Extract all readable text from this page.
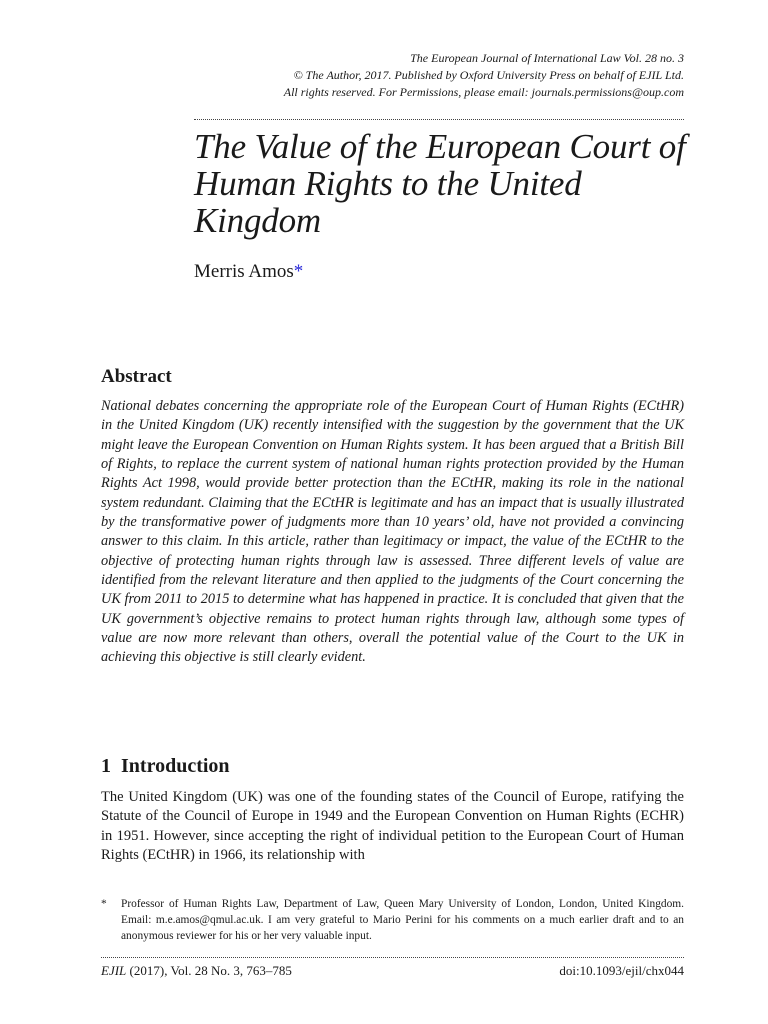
The European Journal of International Law Vol. 28 no. 3
© The Author, 2017. Published by Oxford University Press on behalf of EJIL Ltd.
All rights reserved. For Permissions, please email: journals.permissions@oup.com
The Value of the European Court of Human Rights to the United Kingdom

Merris Amos*

Abstract

National debates concerning the appropriate role of the European Court of Human Rights (ECtHR) in the United Kingdom (UK) recently intensified with the suggestion by the government that the UK might leave the European Convention on Human Rights system. It has been argued that a British Bill of Rights, to replace the current system of national human rights protection provided by the Human Rights Act 1998, would provide better protection than the ECtHR, making its role in the national system redundant. Claiming that the ECtHR is legitimate and has an impact that is usually illustrated by the transformative power of judgments more than 10 years’ old, have not provided a convincing answer to this claim. In this article, rather than legitimacy or impact, the value of the ECtHR to the objective of protecting human rights through law is assessed. Three different levels of value are identified from the relevant literature and then applied to the judgments of the Court concerning the UK from 2011 to 2015 to determine what has happened in practice. It is concluded that given that the UK government’s objective remains to protect human rights through law, although some types of value are now more relevant than others, overall the potential value of the Court to the UK in achieving this objective is still clearly evident.

1 Introduction

The United Kingdom (UK) was one of the founding states of the Council of Europe, ratifying the Statute of the Council of Europe in 1949 and the European Convention on Human Rights (ECHR) in 1951. However, since accepting the right of individual petition to the European Court of Human Rights (ECtHR) in 1966, its relationship with

* Professor of Human Rights Law, Department of Law, Queen Mary University of London, London, United Kingdom. Email: m.e.amos@qmul.ac.uk. I am very grateful to Mario Perini for his comments on a much earlier draft and to an anonymous reviewer for his or her very valuable input.
EJIL (2017), Vol. 28 No. 3, 763–785	doi:10.1093/ejil/chx044
